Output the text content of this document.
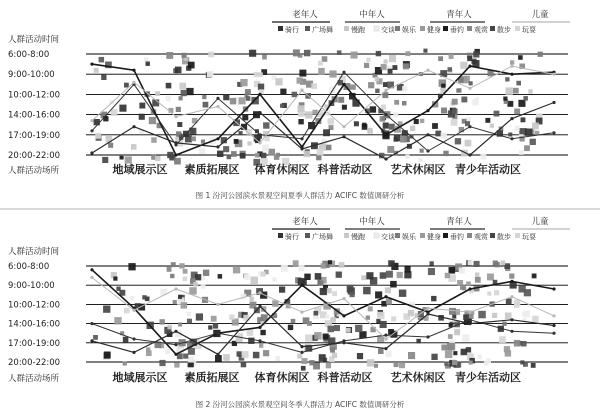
老年人	中年人	青年人	儿童
骑行 广场舞	慢跑 交谈 娱乐 健身 垂钓 观赏 散步 玩耍
人群活动时间
6:00-8:00
9:00-10:00
10:00-12:00
14:00-16:00
17:00-19:00
20:00-22:00
人群活动场所	地域展示区 素质拓展区 体育休闲区 科普活动区 艺术休闲区 青少年活动区
图 1 汾河公园滨水景观空间夏季人群活力 ACIFC 数值调研分析
老年人	中年人	青年人	儿童
骑行 广场舞	慢跑 交谈 娱乐 健身 垂钓 观赏 散步 玩耍
人群活动时间
6:00-8:00
9:00-10:00
10:00-12:00
14:00-16:00
17:00-19:00
20:00-22:00
人群活动场所	地域展示区 素质拓展区 体育休闲区 科普活动区 艺术休闲区 青少年活动区
图 2 汾河公园滨水景观空间冬季人群活力 ACIFC 数值调研分析
